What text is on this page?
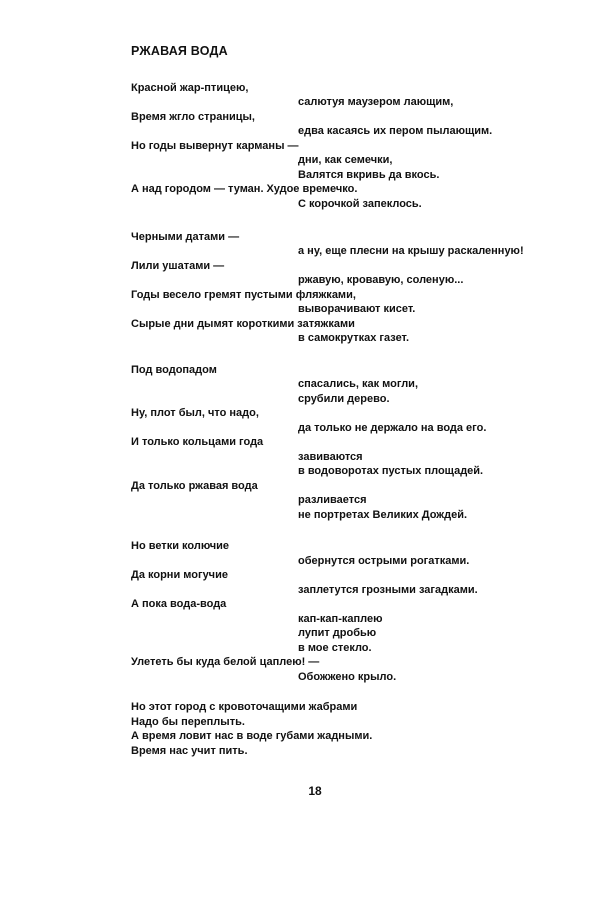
РЖАВАЯ ВОДА
Красной жар-птицею,
салютуя маузером лающим,
Время жгло страницы,
едва касаясь их пером пылающим.
Но годы вывернут карманы —
дни, как семечки,
Валятся вкривь да вкось.
А над городом — туман. Худое времечко.
С корочкой запеклось.
Черными датами —
а ну, еще плесни на крышу раскаленную!
Лили ушатами —
ржавую, кровавую, соленую...
Годы весело гремят пустыми фляжками,
выворачивают кисет.
Сырые дни дымят короткими затяжками
в самокрутках газет.
Под водопадом
спасались, как могли,
срубили дерево.
Ну, плот был, что надо,
да только не держало на вода его.
И только кольцами года
завиваются
в водоворотах пустых площадей.
Да только ржавая вода
разливается
не портретах Великих Дождей.
Но ветки колючие
обернутся острыми рогатками.
Да корни могучие
заплетутся грозными загадками.
А пока вода-вода
кап-кап-каплею
лупит дробью
в мое стекло.
Улететь бы куда белой цаплею! —
Обожжено крыло.
Но этот город с кровоточащими жабрами
Надо бы переплыть.
А время ловит нас в воде губами жадными.
Время нас учит пить.
18
